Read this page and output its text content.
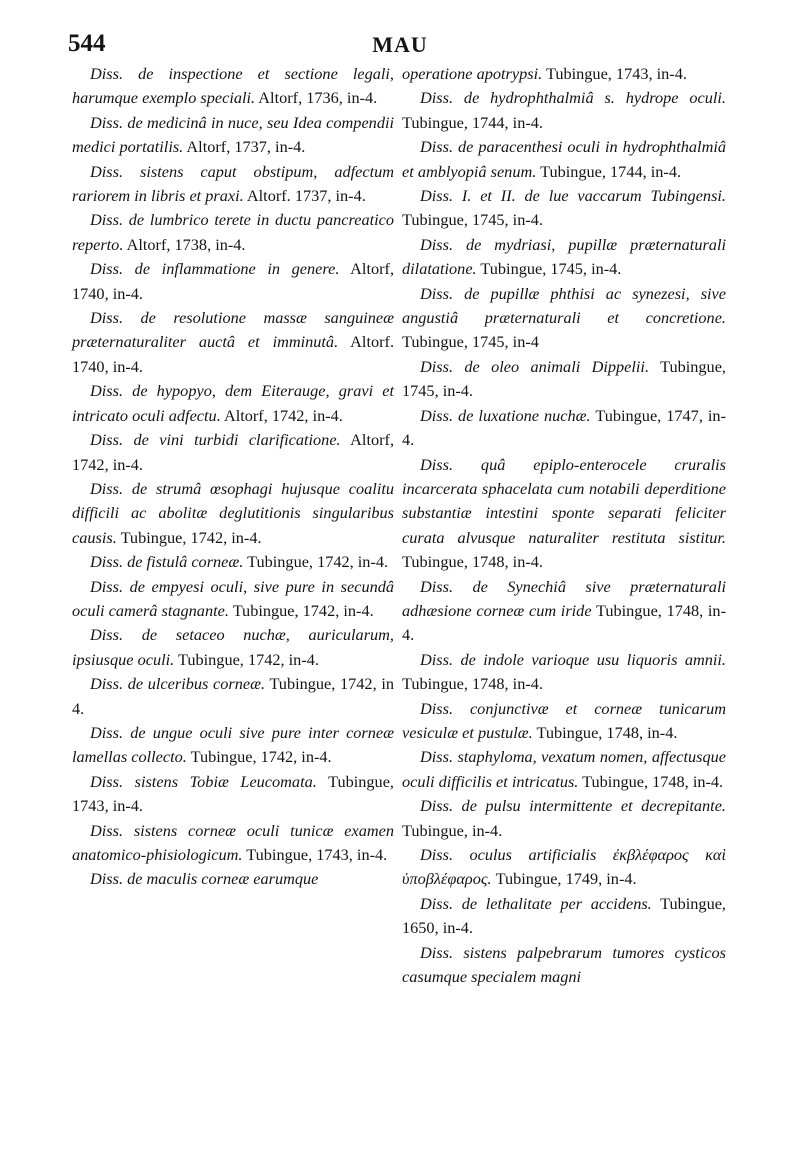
544	MAU

Diss. de inspectione et sectione legali, harumque exemplo speciali. Altorf, 1736, in-4.

Diss. de medicinâ in nuce, seu Idea compendii medici portatilis. Altorf, 1737, in-4.

Diss. sistens caput obstipum, adfectum rariorem in libris et praxi. Altorf. 1737, in-4.

Diss. de lumbrico terete in ductu pancreatico reperto. Altorf, 1738, in-4.

Diss. de inflammatione in genere. Altorf, 1740, in-4.

Diss. de resolutione massæ sanguineæ præternaturaliter auctâ et imminutâ. Altorf. 1740, in-4.

Diss. de hypopyo, dem Eiterauge, gravi et intricato oculi adfectu. Altorf, 1742, in-4.

Diss. de vini turbidi clarificatione. Altorf, 1742, in-4.

Diss. de strumâ œsophagi hujusque coalitu difficili ac abolitæ deglutitionis singularibus causis. Tubingue, 1742, in-4.

Diss. de fistulâ corneæ. Tubingue, 1742, in-4.

Diss. de empyesi oculi, sive pure in secundâ oculi camerâ stagnante. Tubingue, 1742, in-4.

Diss. de setaceo nuchæ, auricularum, ipsiusque oculi. Tubingue, 1742, in-4.

Diss. de ulceribus corneæ. Tubingue, 1742, in 4.

Diss. de ungue oculi sive pure inter corneæ lamellas collecto. Tubingue, 1742, in-4.

Diss. sistens Tobiæ Leucomata. Tubingue, 1743, in-4.

Diss. sistens corneæ oculi tunicæ examen anatomico-phisiologicum. Tubingue, 1743, in-4.

Diss. de maculis corneæ earumque

operatione apotrypsi. Tubingue, 1743, in-4.

Diss. de hydrophthalmiâ s. hydrope oculi. Tubingue, 1744, in-4.

Diss. de paracenthesi oculi in hydrophthalmiâ et amblyopiâ senum. Tubingue, 1744, in-4.

Diss. I. et II. de lue vaccarum Tubingensi. Tubingue, 1745, in-4.

Diss. de mydriasi, pupillæ præternaturali dilatatione. Tubingue, 1745, in-4.

Diss. de pupillæ phthisi ac synezesi, sive angustiâ præternaturali et concretione. Tubingue, 1745, in-4

Diss. de oleo animali Dippelii. Tubingue, 1745, in-4.

Diss. de luxatione nuchæ. Tubingue, 1747, in-4.

Diss. quâ epiplo-enterocele cruralis incarcerata sphacelata cum notabili deperditione substantiæ intestini sponte separati feliciter curata alvusque naturaliter restituta sistitur. Tubingue, 1748, in-4.

Diss. de Synechiâ sive præternaturali adhæsione corneæ cum iride Tubingue, 1748, in-4.

Diss. de indole varioque usu liquoris amnii. Tubingue, 1748, in-4.

Diss. conjunctivæ et corneæ tunicarum vesiculæ et pustulæ. Tubingue, 1748, in-4.

Diss. staphyloma, vexatum nomen, affectusque oculi difficilis et intricatus. Tubingue, 1748, in-4.

Diss. de pulsu intermittente et decrepitante. Tubingue, in-4.

Diss. oculus artificialis ἐκβλέφαρος καὶ ὑποβλέφαρος. Tubingue, 1749, in-4.

Diss. de lethalitate per accidens. Tubingue, 1650, in-4.

Diss. sistens palpebrarum tumores cysticos casumque specialem magni
